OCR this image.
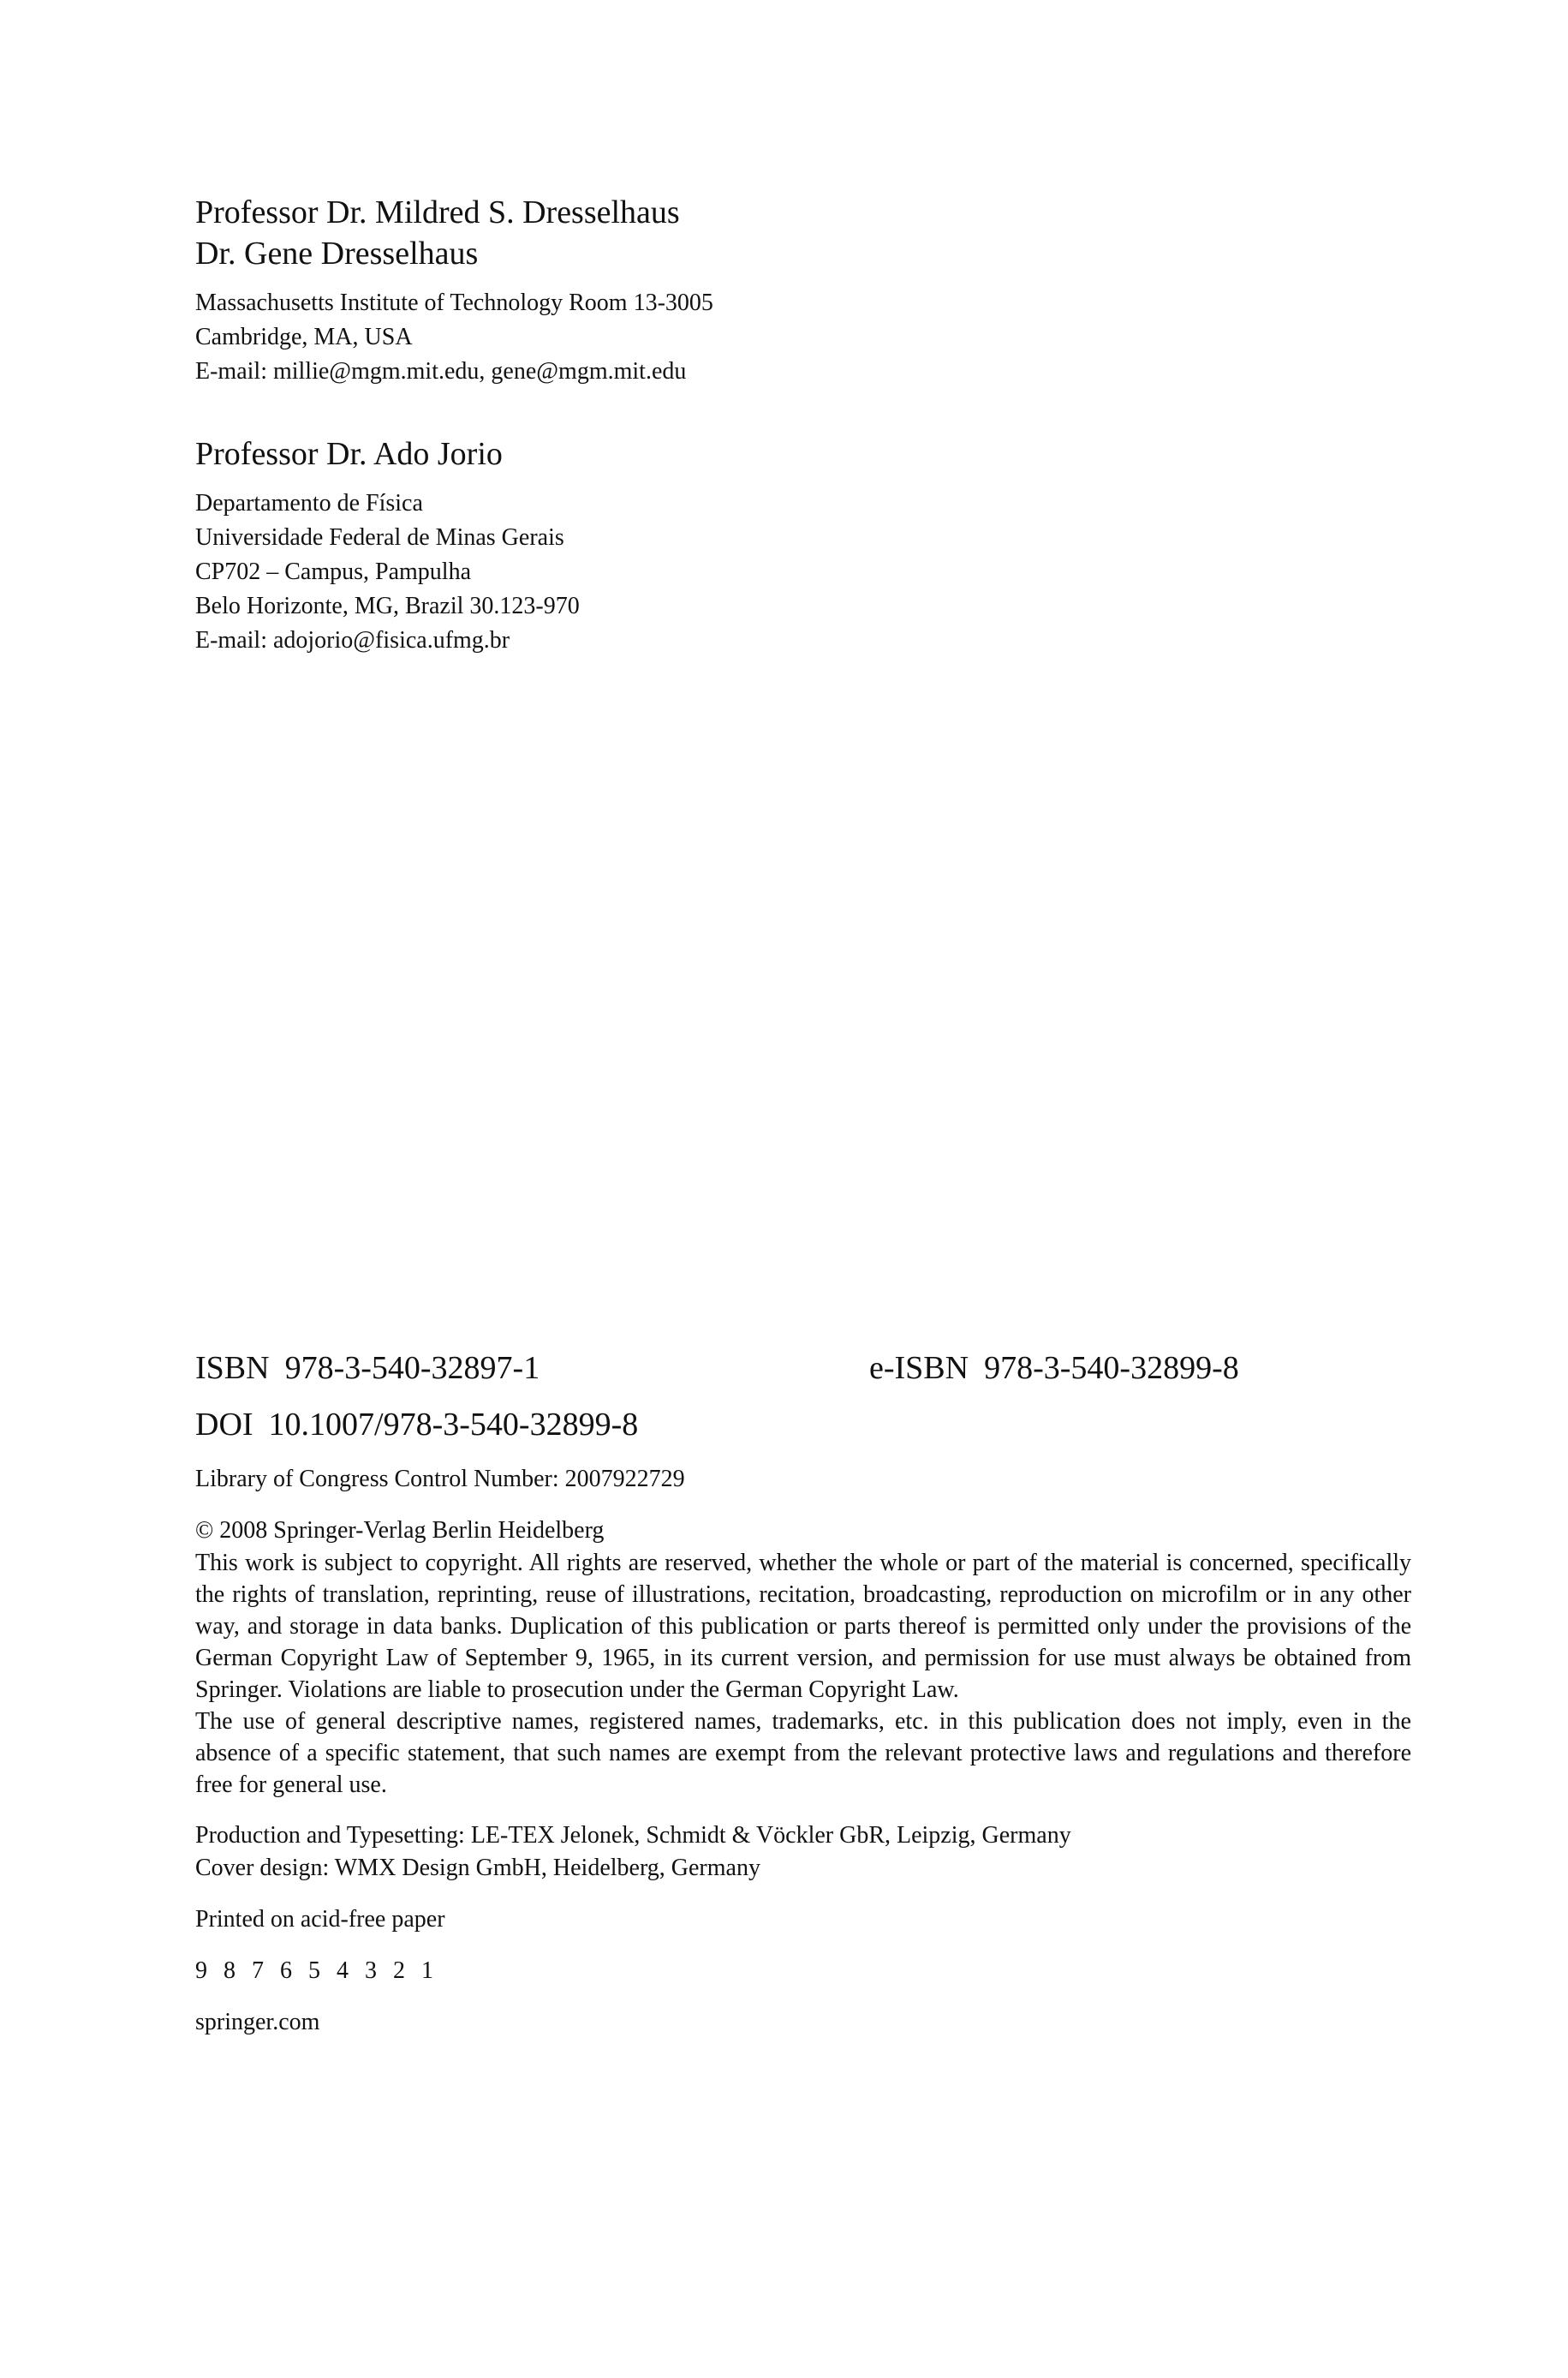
Professor Dr. Mildred S. Dresselhaus

Dr. Gene Dresselhaus

Massachusetts Institute of Technology Room 13-3005

Cambridge, MA, USA

E-mail: millie@mgm.mit.edu, gene@mgm.mit.edu

Professor Dr. Ado Jorio

Departamento de Física

Universidade Federal de Minas Gerais

CP702 – Campus, Pampulha

Belo Horizonte, MG, Brazil 30.123-970

E-mail: adojorio@fisica.ufmg.br

ISBN 978-3-540-32897-1	e-ISBN 978-3-540-32899-8
DOI 10.1007/978-3-540-32899-8

Library of Congress Control Number: 2007922729

© 2008 Springer-Verlag Berlin Heidelberg

This work is subject to copyright. All rights are reserved, whether the whole or part of the material is concerned, specifically the rights of translation, reprinting, reuse of illustrations, recitation, broadcasting, reproduction on microfilm or in any other way, and storage in data banks. Duplication of this publication or parts thereof is permitted only under the provisions of the German Copyright Law of September 9, 1965, in its current version, and permission for use must always be obtained from Springer. Violations are liable to prosecution under the German Copyright Law.

The use of general descriptive names, registered names, trademarks, etc. in this publication does not imply, even in the absence of a specific statement, that such names are exempt from the relevant protective laws and regulations and therefore free for general use.

Production and Typesetting: LE-TEX Jelonek, Schmidt & Vöckler GbR, Leipzig, Germany

Cover design: WMX Design GmbH, Heidelberg, Germany

Printed on acid-free paper

9 8 7 6 5 4 3 2 1

springer.com
